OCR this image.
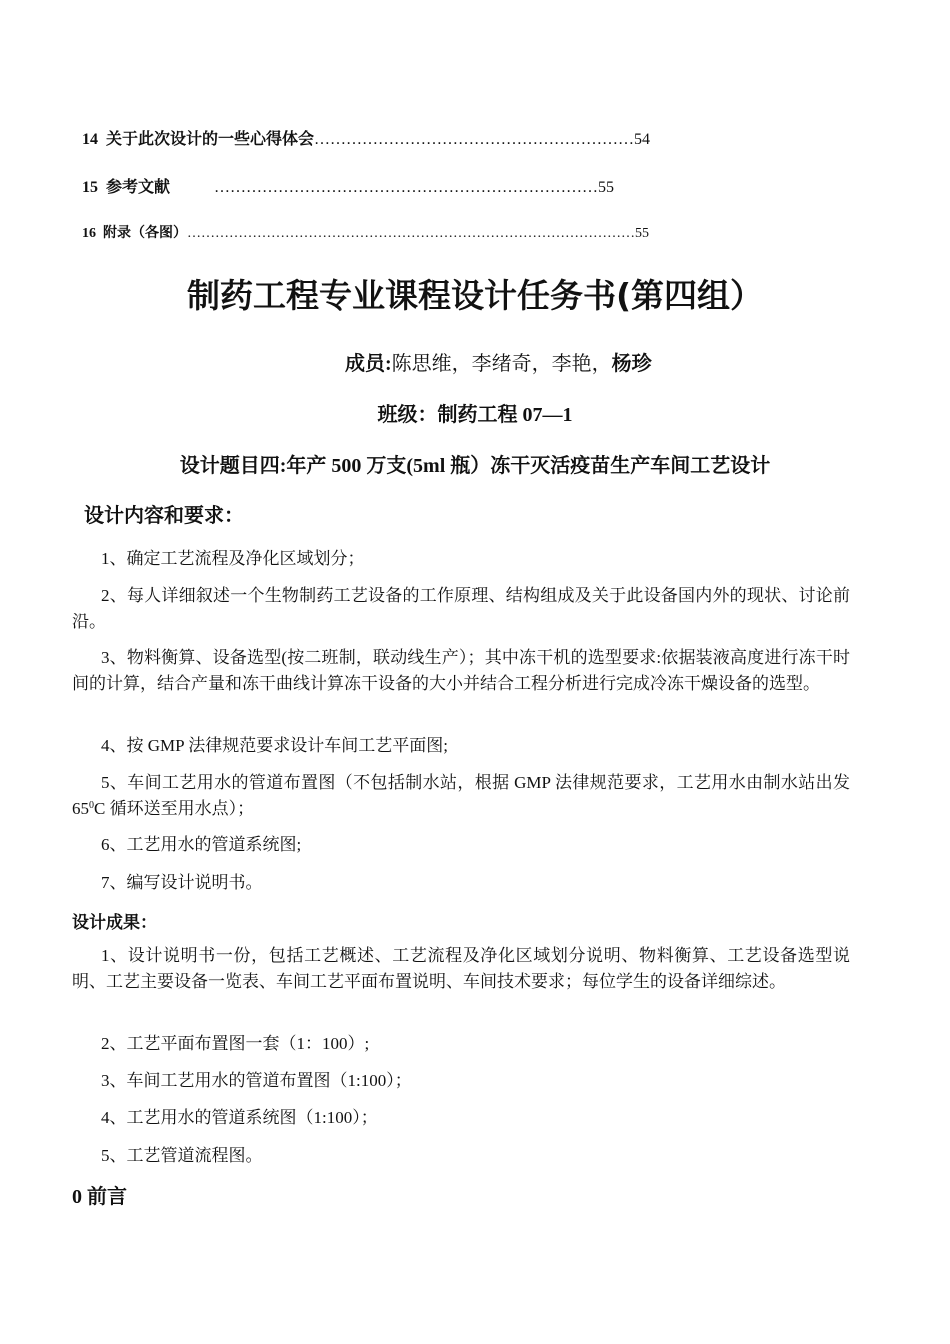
14 关于此次设计的一些心得体会……………………………………………………54
15 参考文献	………………………………………………………………55
16 附录（各图）……………………………………………………………………………………55
制药工程专业课程设计任务书(第四组）
成员:陈思维，李绪奇，李艳，杨珍
班级：制药工程 07—1
设计题目四:年产 500 万支(5ml 瓶）冻干灭活疫苗生产车间工艺设计
设计内容和要求：
1、确定工艺流程及净化区域划分；
2、每人详细叙述一个生物制药工艺设备的工作原理、结构组成及关于此设备国内外的现状、讨论前沿。
3、物料衡算、设备选型(按二班制，联动线生产）；其中冻干机的选型要求:依据装液高度进行冻干时间的计算，结合产量和冻干曲线计算冻干设备的大小并结合工程分析进行完成冷冻干燥设备的选型。
4、按 GMP 法律规范要求设计车间工艺平面图;
5、车间工艺用水的管道布置图（不包括制水站，根据 GMP 法律规范要求，工艺用水由制水站出发 $65^0C$ 循环送至用水点）；
6、工艺用水的管道系统图;
7、编写设计说明书。
设计成果：
1、设计说明书一份，包括工艺概述、工艺流程及净化区域划分说明、物料衡算、工艺设备选型说明、工艺主要设备一览表、车间工艺平面布置说明、车间技术要求；每位学生的设备详细综述。
2、工艺平面布置图一套（1：100）;
3、车间工艺用水的管道布置图（1:100）；
4、工艺用水的管道系统图（1:100）；
5、工艺管道流程图。
0 前言
